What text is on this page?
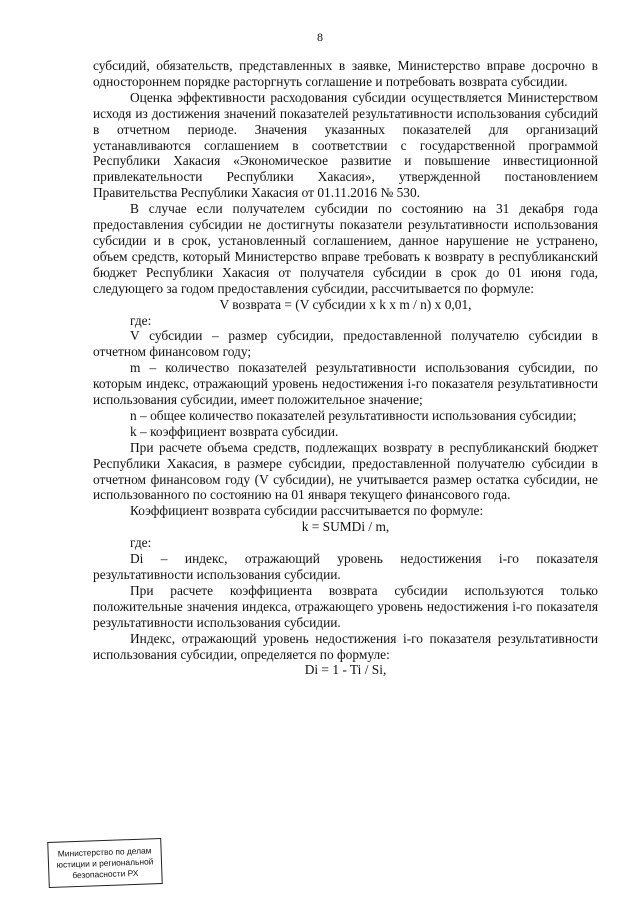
8

субсидий, обязательств, представленных в заявке, Министерство вправе досрочно в одностороннем порядке расторгнуть соглашение и потребовать возврата субсидии.

Оценка эффективности расходования субсидии осуществляется Министерством исходя из достижения значений показателей результативности использования субсидий в отчетном периоде. Значения указанных показателей для организаций устанавливаются соглашением в соответствии с государственной программой Республики Хакасия «Экономическое развитие и повышение инвестиционной привлекательности Республики Хакасия», утвержденной постановлением Правительства Республики Хакасия от 01.11.2016 № 530.

В случае если получателем субсидии по состоянию на 31 декабря года предоставления субсидии не достигнуты показатели результативности использования субсидии и в срок, установленный соглашением, данное нарушение не устранено, объем средств, который Министерство вправе требовать к возврату в республиканский бюджет Республики Хакасия от получателя субсидии в срок до 01 июня года, следующего за годом предоставления субсидии, рассчитывается по формуле:

V возврата = (V субсидии x k x m / n) x 0,01,

где:

V субсидии – размер субсидии, предоставленной получателю субсидии в отчетном финансовом году;

m – количество показателей результативности использования субсидии, по которым индекс, отражающий уровень недостижения i-го показателя результативности использования субсидии, имеет положительное значение;

n – общее количество показателей результативности использования субсидии;

k – коэффициент возврата субсидии.

При расчете объема средств, подлежащих возврату в республиканский бюджет Республики Хакасия, в размере субсидии, предоставленной получателю субсидии в отчетном финансовом году (V субсидии), не учитывается размер остатка субсидии, не использованного по состоянию на 01 января текущего финансового года.

Коэффициент возврата субсидии рассчитывается по формуле:

k = SUMDi / m,

где:

Di – индекс, отражающий уровень недостижения i-го показателя результативности использования субсидии.

При расчете коэффициента возврата субсидии используются только положительные значения индекса, отражающего уровень недостижения i-го показателя результативности использования субсидии.

Индекс, отражающий уровень недостижения i-го показателя результативности использования субсидии, определяется по формуле:

Di = 1 - Ti / Si,

Министерство по делам
юстиции и региональной
безопасности РХ
